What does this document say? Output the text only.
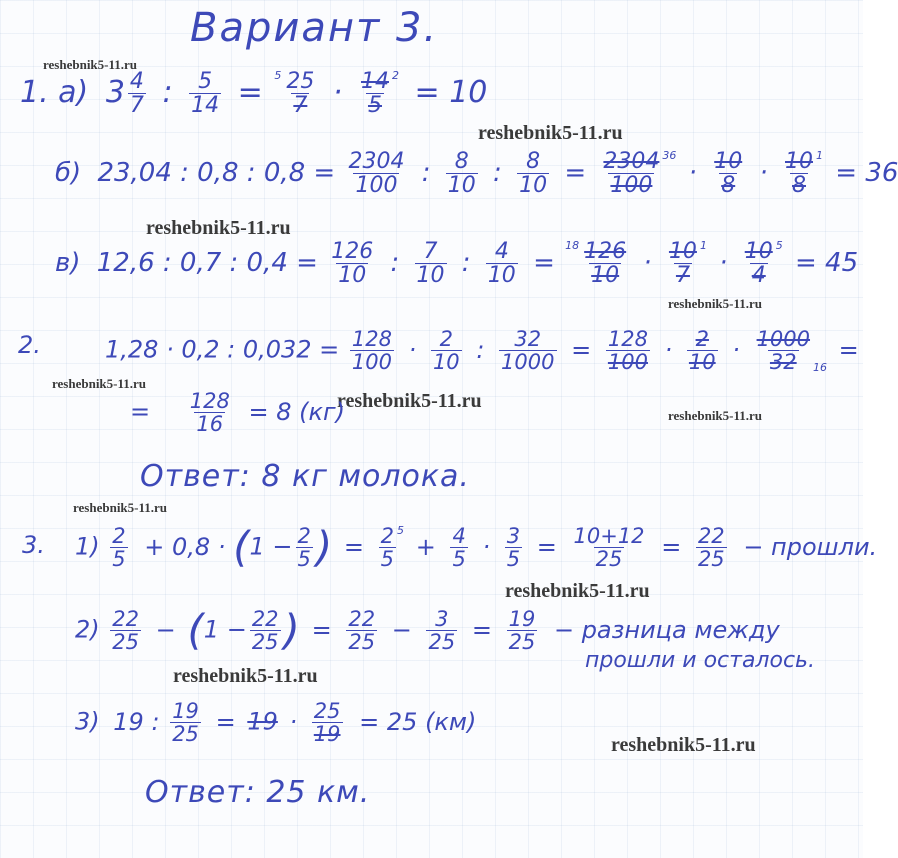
Вариант 3.
reshebnik5-11.ru
reshebnik5-11.ru
reshebnik5-11.ru
reshebnik5-11.ru
reshebnik5-11.ru
reshebnik5-11.ru
reshebnik5-11.ru
reshebnik5-11.ru
reshebnik5-11.ru
reshebnik5-11.ru
reshebnik5-11.ru
1. а) $3 \frac{4}{7}$ : $\frac{5}{14} = ^5 \frac{25}{7} \cdot \frac{14}{5} ^2 = 10$
б) 23,04 : 0,8 : $0,8 = \frac{2304}{100}$ : $\frac{8}{10}$ : $\frac{8}{10} = \frac{2304}{100} ^{36} \cdot \frac{10}{8} \cdot \frac{10}{8} ^1 = 36$
в) 12,6 : 0,7 : $0,4 = \frac{126}{10}$ : $\frac{7}{10}$ : $\frac{4}{10} = ^{18} \frac{126}{10} \cdot \frac{10}{7} ^1 \cdot \frac{10}{4} ^5 = 45$
2.	1,28 · 0,2 : $0,032 = \frac{128}{100} \cdot \frac{2}{10}$ : $\frac{32}{1000} = \frac{128}{100} \cdot \frac{2}{10} \cdot \frac{1000}{32} 16$ =
= $\frac{128}{16} = 8$ (кг)
Ответ: 8 кг молока.
3. $1) \frac{2}{5} + 0,8 \cdot (1 - \frac{2}{5}$ ) = $\frac{2}{5} ^5 + \frac{4}{5} \cdot \frac{3}{5} = \frac{10+12}{25} = \frac{22}{25}$ − прошли.
$2) \frac{22}{25} - (1 - \frac{22}{25}$ ) = $\frac{22}{25} - \frac{3}{25} = \frac{19}{25}$ − разница между
прошли и осталось.
3) 19 : $\frac{19}{25} = 19 \cdot \frac{25}{19} = 25$ (км)
Ответ: 25 км.
